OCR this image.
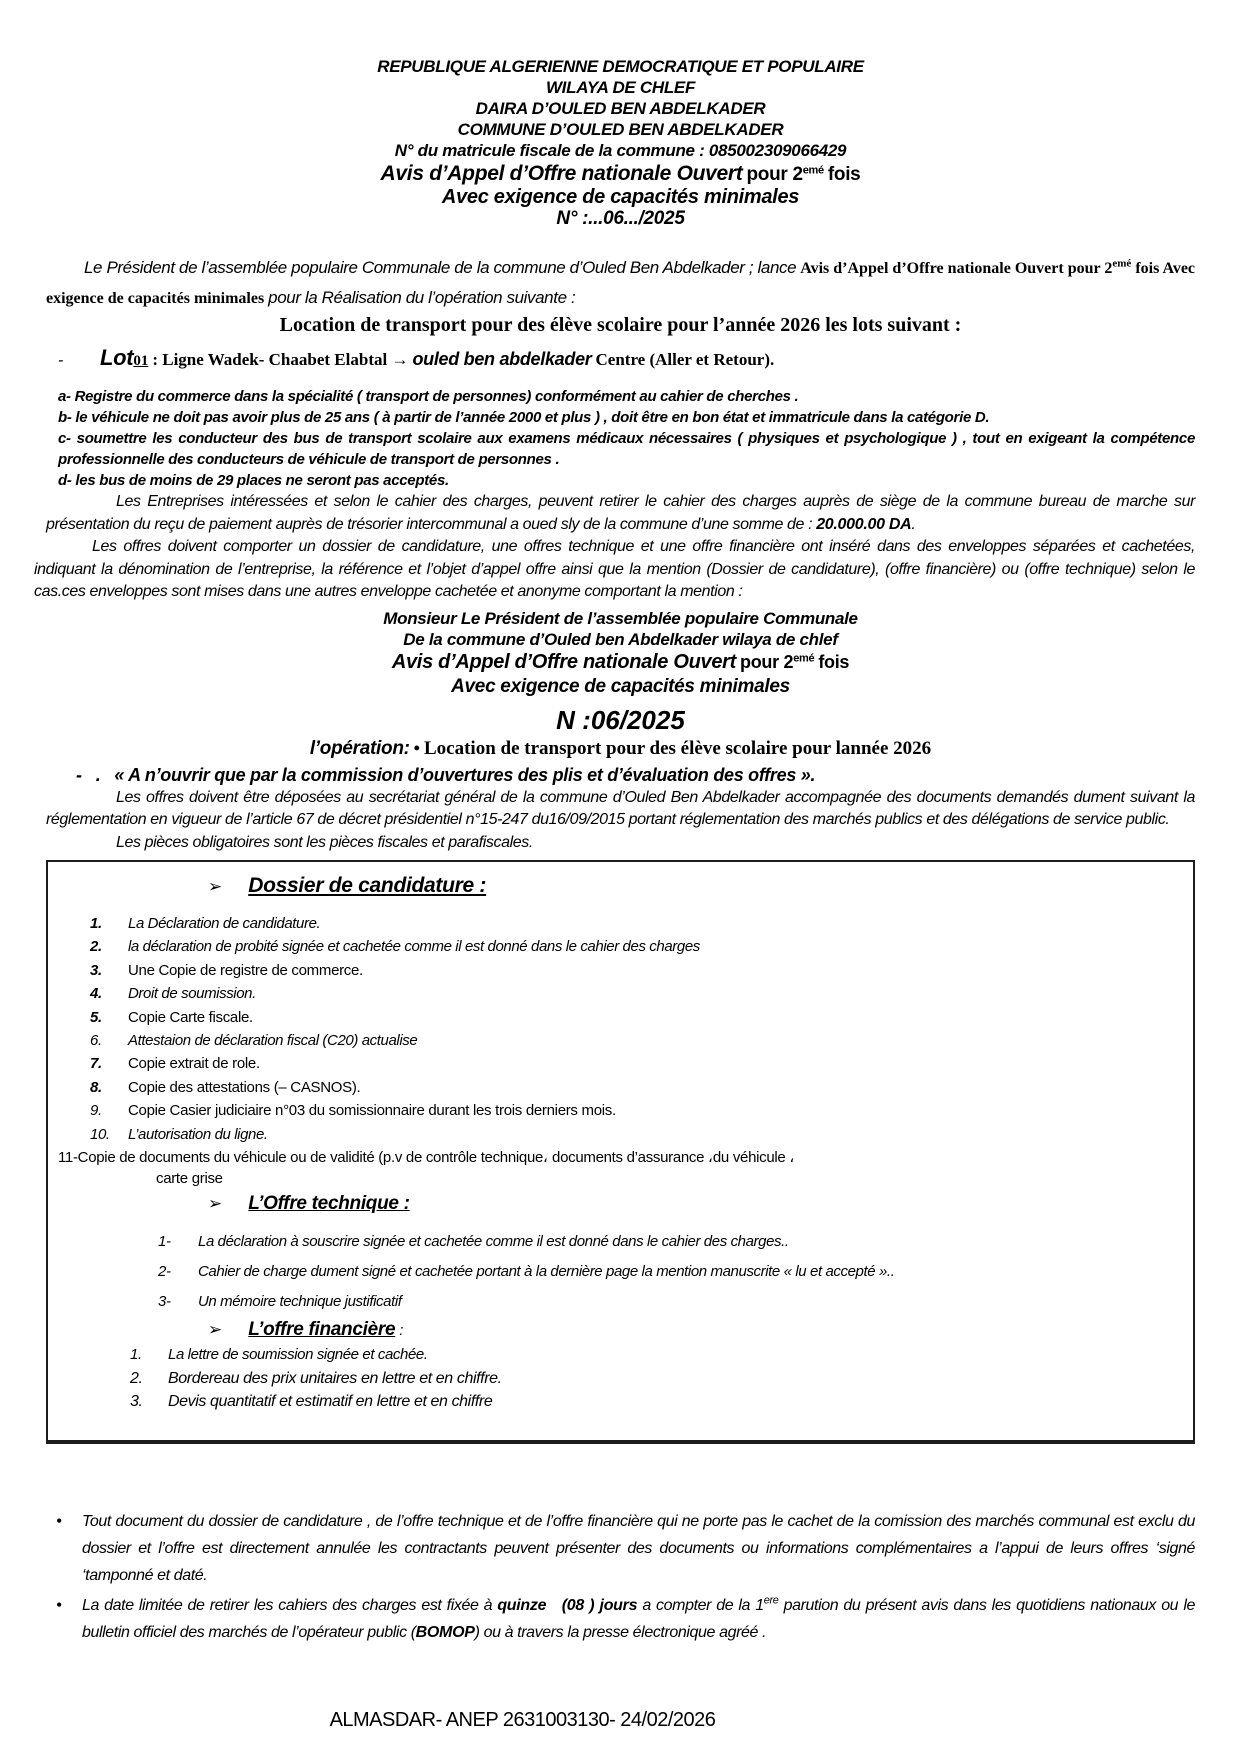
REPUBLIQUE ALGERIENNE DEMOCRATIQUE ET POPULAIRE
WILAYA DE CHLEF
DAIRA D’OULED BEN ABDELKADER
COMMUNE D’OULED BEN ABDELKADER
N° du matricule fiscale de la commune : 085002309066429
Avis d’Appel d’Offre nationale Ouvert pour $2^{emé}$ fois
Avec exigence de capacités minimales
N° :...06.../2025

Le Président de l’assemblée populaire Communale de la commune d’Ouled Ben Abdelkader ; lance Avis d’Appel d’Offre nationale Ouvert pour $2^{emé}$ fois Avec exigence de capacités minimales pour la Réalisation du l’opération suivante :

Location de transport pour des élève scolaire pour l’année 2026 les lots suivant :
-	Lot 01
: Ligne Wadek- Chaabet Elabtal →
ouled ben abdelkader
Centre (Aller et Retour).
a- Registre du commerce dans la spécialité ( transport de personnes) conformément au cahier de cherches .
b- le véhicule ne doit pas avoir plus de 25 ans ( à partir de l’année 2000 et plus ) , doit être en bon état et immatricule dans la catégorie D.
c- soumettre les conducteur des bus de transport scolaire aux examens médicaux nécessaires ( physiques et psychologique ) , tout en exigeant la compétence professionnelle des conducteurs de véhicule de transport de personnes .
d- les bus de moins de 29 places ne seront pas acceptés.

Les Entreprises intéressées et selon le cahier des charges, peuvent retirer le cahier des charges auprès de siège de la commune bureau de marche sur présentation du reçu de paiement auprès de trésorier intercommunal a oued sly de la commune d’une somme de : 20.000.00 DA.

Les offres doivent comporter un dossier de candidature, une offres technique et une offre financière ont inséré dans des enveloppes séparées et cachetées, indiquant la dénomination de l’entreprise, la référence et l’objet d’appel offre ainsi que la mention (Dossier de candidature), (offre financière) ou (offre technique) selon le cas.ces enveloppes sont mises dans une autres enveloppe cachetée et anonyme comportant la mention :

Monsieur Le Président de l’assemblée populaire Communale
De la commune d’Ouled ben Abdelkader wilaya de chlef
Avis d’Appel d’Offre nationale Ouvert pour $2^{emé}$ fois
Avec exigence de capacités minimales
N :06/2025
l’opération: • Location de transport pour des élève scolaire pour lannée 2026
- . « A n’ouvrir que par la commission d’ouvertures des plis et d’évaluation des offres ».

Les offres doivent être déposées au secrétariat général de la commune d’Ouled Ben Abdelkader accompagnée des documents demandés dument suivant la réglementation en vigueur de l’article 67 de décret présidentiel n°15-247 du16/09/2015 portant réglementation des marchés publics et des délégations de service public.

Les pièces obligatoires sont les pièces fiscales et parafiscales.

➢ Dossier de candidature :
1.	La Déclaration de candidature.
2.	la déclaration de probité signée et cachetée comme il est donné dans le cahier des charges
3.	Une Copie de registre de commerce.
4.	Droit de soumission.
5.	Copie Carte fiscale.
6.	Attestaion de déclaration fiscal (C20) actualise
7.	Copie extrait de role.
8.	Copie des attestations (– CASNOS).
9.	Copie Casier judiciaire n°03 du somissionnaire durant les trois derniers mois.
10.	L’autorisation du ligne.
11-Copie de documents du véhicule ou de validité (p.v de contrôle technique، documents d’assurance ،du véhicule ،
carte grise
➢ L’Offre technique :
1-	La déclaration à souscrire signée et cachetée comme il est donné dans le cahier des charges..
2-	Cahier de charge dument signé et cachetée portant à la dernière page la mention manuscrite « lu et accepté »..
3-	Un mémoire technique justificatif
➢ L’offre financière :
1.	La lettre de soumission signée et cachée.
2.	Bordereau des prix unitaires en lettre et en chiffre.
3.	Devis quantitatif et estimatif en lettre et en chiffre
•	Tout document du dossier de candidature , de l’offre technique et de l’offre financière qui ne porte pas le cachet de la comission des marchés communal est exclu du dossier et l’offre est directement annulée les contractants peuvent présenter des documents ou informations complémentaires a l’appui de leurs offres ‘signé ‘tamponné et daté.
•	La date limitée de retirer les cahiers des charges est fixée à quinze (08 ) jours a compter de la 1ere parution du présent avis dans les quotidiens nationaux ou le bulletin officiel des marchés de l’opérateur public (BOMOP) ou à travers la presse électronique agréé .
ALMASDAR- ANEP 2631003130- 24/02/2026
